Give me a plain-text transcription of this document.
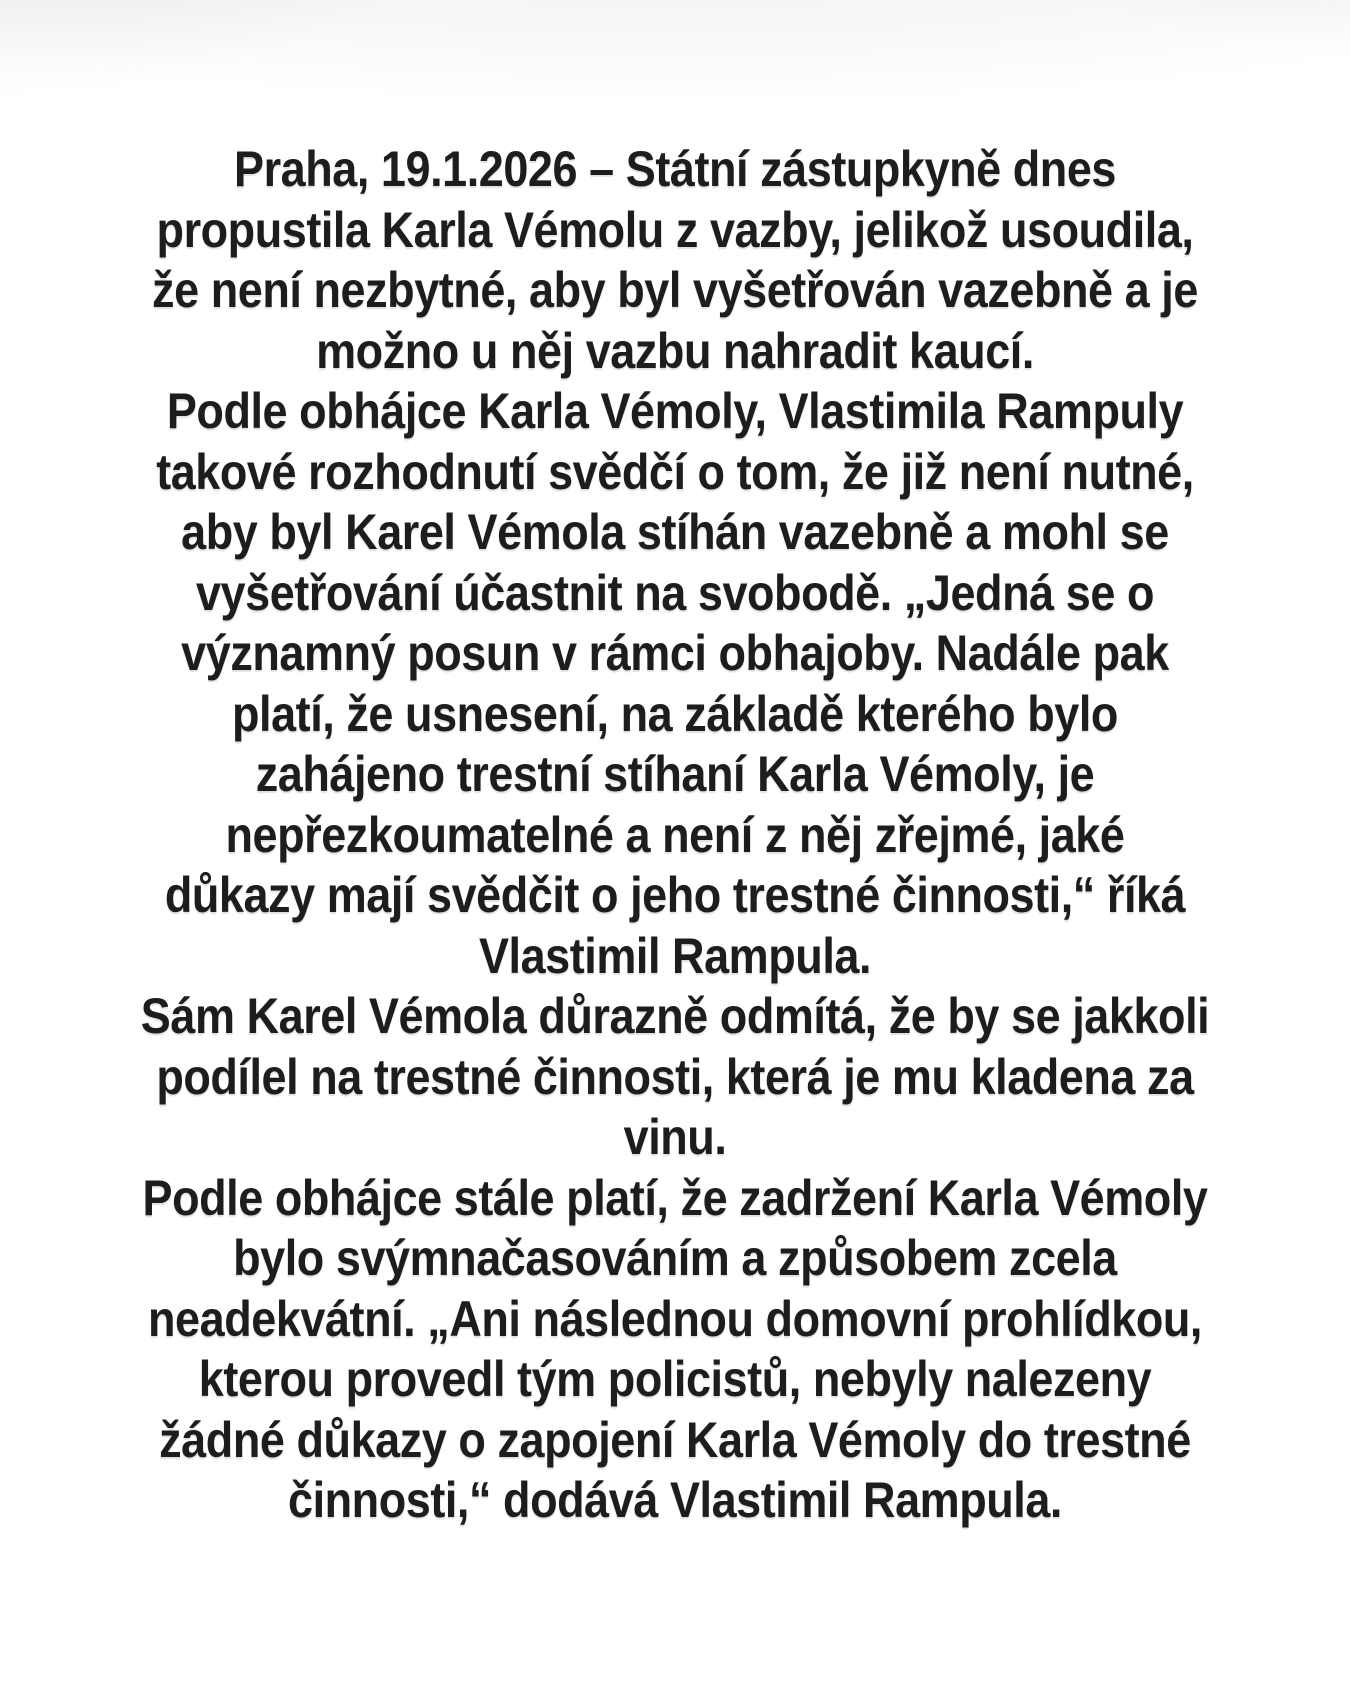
Praha, 19.1.2026 – Státní zástupkyně dnes
propustila Karla Vémolu z vazby, jelikož usoudila,
že není nezbytné, aby byl vyšetřován vazebně a je
možno u něj vazbu nahradit kaucí.
Podle obhájce Karla Vémoly, Vlastimila Rampuly
takové rozhodnutí svědčí o tom, že již není nutné,
aby byl Karel Vémola stíhán vazebně a mohl se
vyšetřování účastnit na svobodě. „Jedná se o
významný posun v rámci obhajoby. Nadále pak
platí, že usnesení, na základě kterého bylo
zahájeno trestní stíhaní Karla Vémoly, je
nepřezkoumatelné a není z něj zřejmé, jaké
důkazy mají svědčit o jeho trestné činnosti,“ říká
Vlastimil Rampula.
Sám Karel Vémola důrazně odmítá, že by se jakkoli
podílel na trestné činnosti, která je mu kladena za
vinu.
Podle obhájce stále platí, že zadržení Karla Vémoly
bylo svýmnačasováním a způsobem zcela
neadekvátní. „Ani následnou domovní prohlídkou,
kterou provedl tým policistů, nebyly nalezeny
žádné důkazy o zapojení Karla Vémoly do trestné
činnosti,“ dodává Vlastimil Rampula.
